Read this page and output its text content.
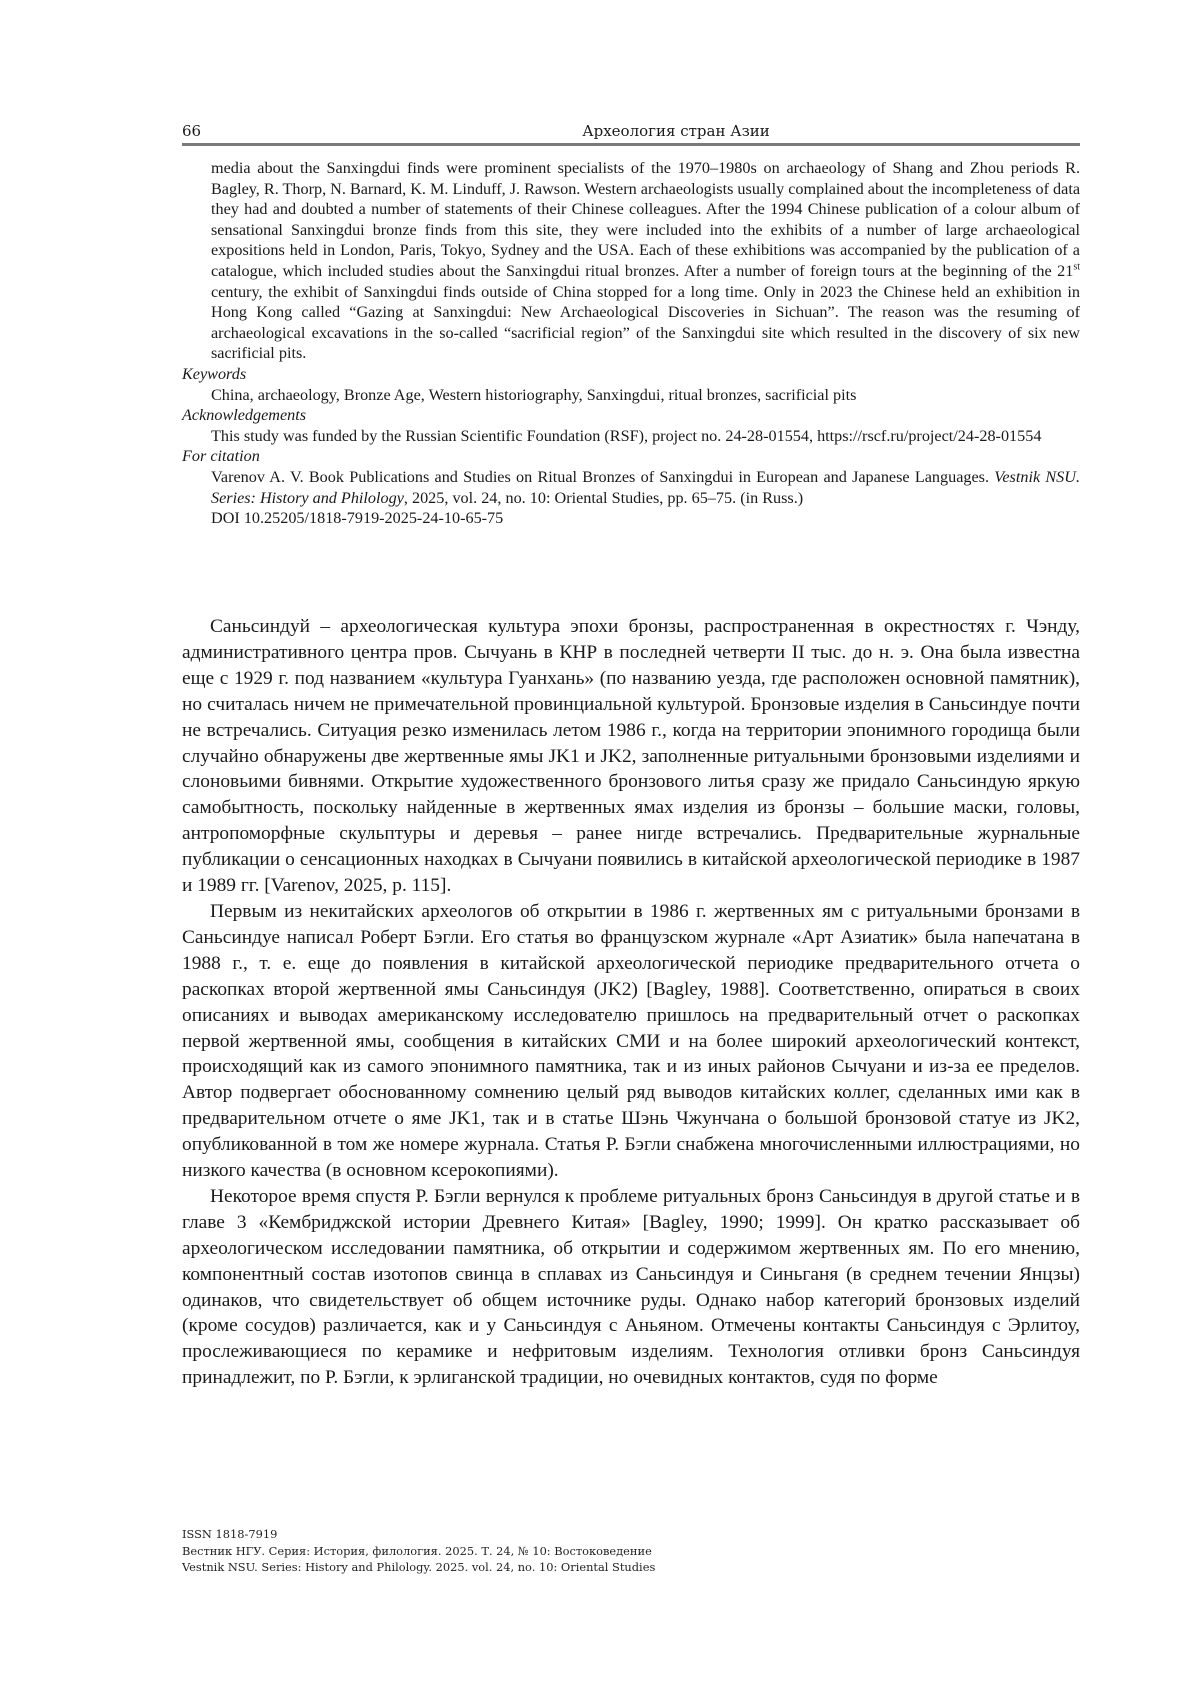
66	Археология стран Азии

media about the Sanxingdui finds were prominent specialists of the 1970–1980s on archaeology of Shang and Zhou periods R. Bagley, R. Thorp, N. Barnard, K. M. Linduff, J. Rawson. Western archaeologists usually complained about the incompleteness of data they had and doubted a number of statements of their Chinese colleagues. After the 1994 Chinese publication of a colour album of sensational Sanxingdui bronze finds from this site, they were included into the exhibits of a number of large archaeological expositions held in London, Paris, Tokyo, Sydney and the USA. Each of these exhibitions was accompanied by the publication of a catalogue, which included studies about the Sanxingdui ritual bronzes. After a number of foreign tours at the beginning of the 21st century, the exhibit of Sanxingdui finds outside of China stopped for a long time. Only in 2023 the Chinese held an exhibition in Hong Kong called “Gazing at Sanxingdui: New Archaeological Discoveries in Sichuan”. The reason was the resuming of archaeological excavations in the so-called “sacrificial region” of the Sanxingdui site which resulted in the discovery of six new sacrificial pits.

Keywords

China, archaeology, Bronze Age, Western historiography, Sanxingdui, ritual bronzes, sacrificial pits

Acknowledgements

This study was funded by the Russian Scientific Foundation (RSF), project no. 24-28-01554, https://rscf.ru/project/24-28-01554

For citation

Varenov A. V. Book Publications and Studies on Ritual Bronzes of Sanxingdui in European and Japanese Languages. Vestnik NSU. Series: History and Philology, 2025, vol. 24, no. 10: Oriental Studies, pp. 65–75. (in Russ.)
DOI 10.25205/1818-7919-2025-24-10-65-75

Саньсиндуй – археологическая культура эпохи бронзы, распространенная в окрестностях г. Чэнду, административного центра пров. Сычуань в КНР в последней четверти II тыс. до н. э. Она была известна еще с 1929 г. под названием «культура Гуанхань» (по названию уезда, где расположен основной памятник), но считалась ничем не примечательной провинциальной культурой. Бронзовые изделия в Саньсиндуе почти не встречались. Ситуация резко изменилась летом 1986 г., когда на территории эпонимного городища были случайно обнаружены две жертвенные ямы JK1 и JK2, заполненные ритуальными бронзовыми изделиями и слоновьими бивнями. Открытие художественного бронзового литья сразу же придало Саньсиндую яркую самобытность, поскольку найденные в жертвенных ямах изделия из бронзы – большие маски, головы, антропоморфные скульптуры и деревья – ранее нигде встречались. Предварительные журнальные публикации о сенсационных находках в Сычуани появились в китайской археологической периодике в 1987 и 1989 гг. [Varenov, 2025, p. 115].

Первым из некитайских археологов об открытии в 1986 г. жертвенных ям с ритуальными бронзами в Саньсиндуе написал Роберт Бэгли. Его статья во французском журнале «Арт Азиатик» была напечатана в 1988 г., т. е. еще до появления в китайской археологической периодике предварительного отчета о раскопках второй жертвенной ямы Саньсиндуя (JK2) [Bagley, 1988]. Соответственно, опираться в своих описаниях и выводах американскому исследователю пришлось на предварительный отчет о раскопках первой жертвенной ямы, сообщения в китайских СМИ и на более широкий археологический контекст, происходящий как из самого эпонимного памятника, так и из иных районов Сычуани и из-за ее пределов. Автор подвергает обоснованному сомнению целый ряд выводов китайских коллег, сделанных ими как в предварительном отчете о яме JK1, так и в статье Шэнь Чжунчана о большой бронзовой статуе из JK2, опубликованной в том же номере журнала. Статья Р. Бэгли снабжена многочисленными иллюстрациями, но низкого качества (в основном ксерокопиями).

Некоторое время спустя Р. Бэгли вернулся к проблеме ритуальных бронз Саньсиндуя в другой статье и в главе 3 «Кембриджской истории Древнего Китая» [Bagley, 1990; 1999]. Он кратко рассказывает об археологическом исследовании памятника, об открытии и содержимом жертвенных ям. По его мнению, компонентный состав изотопов свинца в сплавах из Саньсиндуя и Синьганя (в среднем течении Янцзы) одинаков, что свидетельствует об общем источнике руды. Однако набор категорий бронзовых изделий (кроме сосудов) различается, как и у Саньсиндуя с Аньяном. Отмечены контакты Саньсиндуя с Эрлитоу, прослеживающиеся по керамике и нефритовым изделиям. Технология отливки бронз Саньсиндуя принадлежит, по Р. Бэгли, к эрлиганской традиции, но очевидных контактов, судя по форме

ISSN 1818-7919
Вестник НГУ. Серия: История, филология. 2025. Т. 24, № 10: Востоковедение
Vestnik NSU. Series: History and Philology. 2025. vol. 24, no. 10: Oriental Studies
